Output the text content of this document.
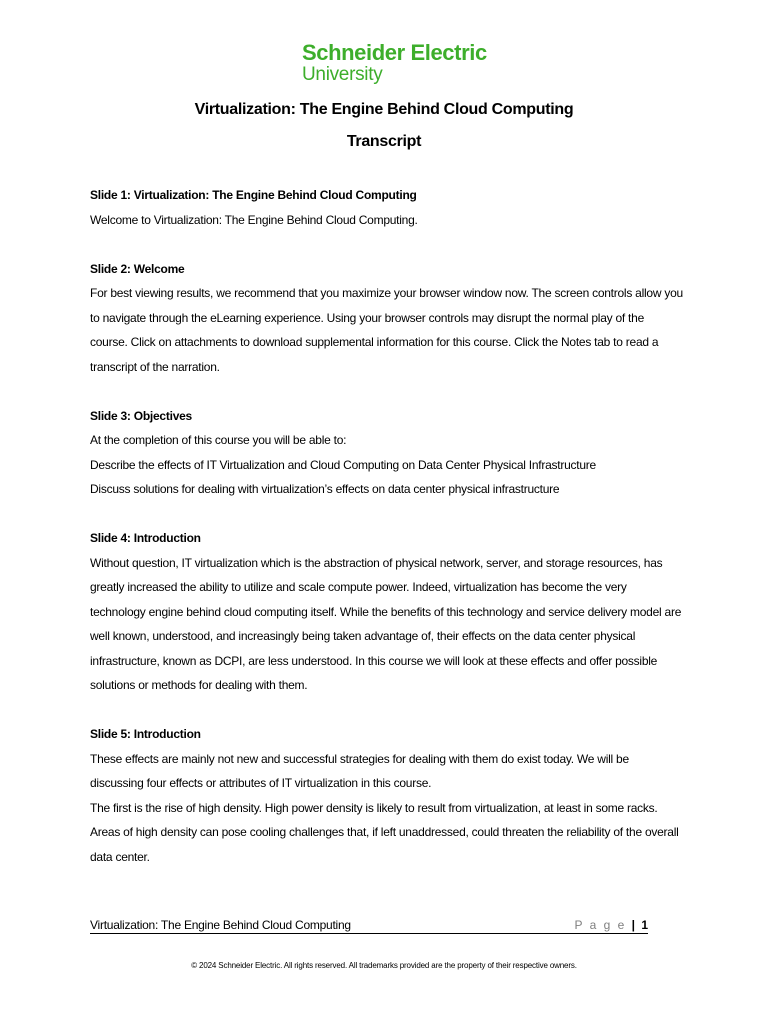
Schneider Electric
University
Virtualization: The Engine Behind Cloud Computing
Transcript
Slide 1: Virtualization: The Engine Behind Cloud Computing
Welcome to Virtualization: The Engine Behind Cloud Computing.
Slide 2: Welcome
For best viewing results, we recommend that you maximize your browser window now. The screen controls allow you
to navigate through the eLearning experience. Using your browser controls may disrupt the normal play of the
course. Click on attachments to download supplemental information for this course. Click the Notes tab to read a
transcript of the narration.
Slide 3: Objectives
At the completion of this course you will be able to:
Describe the effects of IT Virtualization and Cloud Computing on Data Center Physical Infrastructure
Discuss solutions for dealing with virtualization’s effects on data center physical infrastructure
Slide 4: Introduction
Without question, IT virtualization which is the abstraction of physical network, server, and storage resources, has
greatly increased the ability to utilize and scale compute power. Indeed, virtualization has become the very
technology engine behind cloud computing itself. While the benefits of this technology and service delivery model are
well known, understood, and increasingly being taken advantage of, their effects on the data center physical
infrastructure, known as DCPI, are less understood. In this course we will look at these effects and offer possible
solutions or methods for dealing with them.
Slide 5: Introduction
These effects are mainly not new and successful strategies for dealing with them do exist today. We will be
discussing four effects or attributes of IT virtualization in this course.
The first is the rise of high density. High power density is likely to result from virtualization, at least in some racks.
Areas of high density can pose cooling challenges that, if left unaddressed, could threaten the reliability of the overall
data center.
Virtualization: The Engine Behind Cloud Computing	P a g e | 1
© 2024 Schneider Electric. All rights reserved. All trademarks provided are the property of their respective owners.
